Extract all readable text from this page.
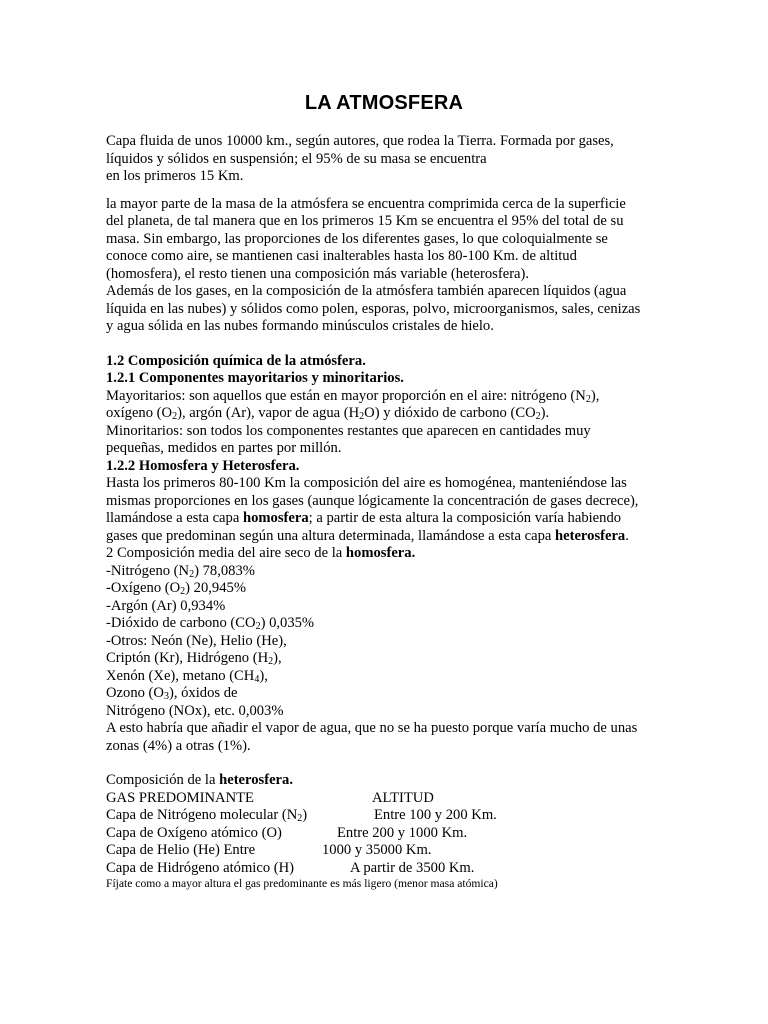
LA ATMOSFERA

Capa fluida de unos 10000 km., según autores, que rodea la Tierra. Formada por gases,
líquidos y sólidos en suspensión; el 95% de su masa se encuentra
en los primeros 15 Km.

la mayor parte de la masa de la atmósfera se encuentra comprimida cerca de la superficie
del planeta, de tal manera que en los primeros 15 Km se encuentra el 95% del total de su
masa. Sin embargo, las proporciones de los diferentes gases, lo que coloquialmente se
conoce como aire, se mantienen casi inalterables hasta los 80-100 Km. de altitud
(homosfera), el resto tienen una composición más variable (heterosfera).
Además de los gases, en la composición de la atmósfera también aparecen líquidos (agua
líquida en las nubes) y sólidos como polen, esporas, polvo, microorganismos, sales, cenizas
y agua sólida en las nubes formando minúsculos cristales de hielo.

1.2 Composición química de la atmósfera.
1.2.1 Componentes mayoritarios y minoritarios.
Mayoritarios: son aquellos que están en mayor proporción en el aire: nitrógeno $(N_2)$,
oxígeno $(O_2)$, argón (Ar), vapor de agua $(H_2O)$ y dióxido de carbono $(CO_2)$.
Minoritarios: son todos los componentes restantes que aparecen en cantidades muy
pequeñas, medidos en partes por millón.
1.2.2 Homosfera y Heterosfera.
Hasta los primeros 80-100 Km la composición del aire es homogénea, manteniéndose las
mismas proporciones en los gases (aunque lógicamente la concentración de gases decrece),
llamándose a esta capa homosfera; a partir de esta altura la composición varía habiendo
gases que predominan según una altura determinada, llamándose a esta capa heterosfera.
2 Composición media del aire seco de la homosfera.
-Nitrógeno $(N_2)$ 78,083%
-Oxígeno $(O_2)$ 20,945%
-Argón (Ar) 0,934%
-Dióxido de carbono $(CO_2)$ 0,035%
-Otros: Neón (Ne), Helio (He),
Criptón (Kr), Hidrógeno $(H_2)$,
Xenón (Xe), metano $(CH_4)$,
Ozono $(O_3)$, óxidos de
Nitrógeno (NOx), etc. 0,003%
A esto habría que añadir el vapor de agua, que no se ha puesto porque varía mucho de unas
zonas (4%) a otras (1%).
Composición de la heterosfera.
GAS PREDOMINANTE	ALTITUD
Capa de Nitrógeno molecular $(N_2)$	Entre 100 y 200 Km.
Capa de Oxígeno atómico (O)	Entre 200 y 1000 Km.
Capa de Helio (He) Entre	1000 y 35000 Km.
Capa de Hidrógeno atómico (H)	A partir de 3500 Km.
Fíjate como a mayor altura el gas predominante es más ligero (menor masa atómica)
